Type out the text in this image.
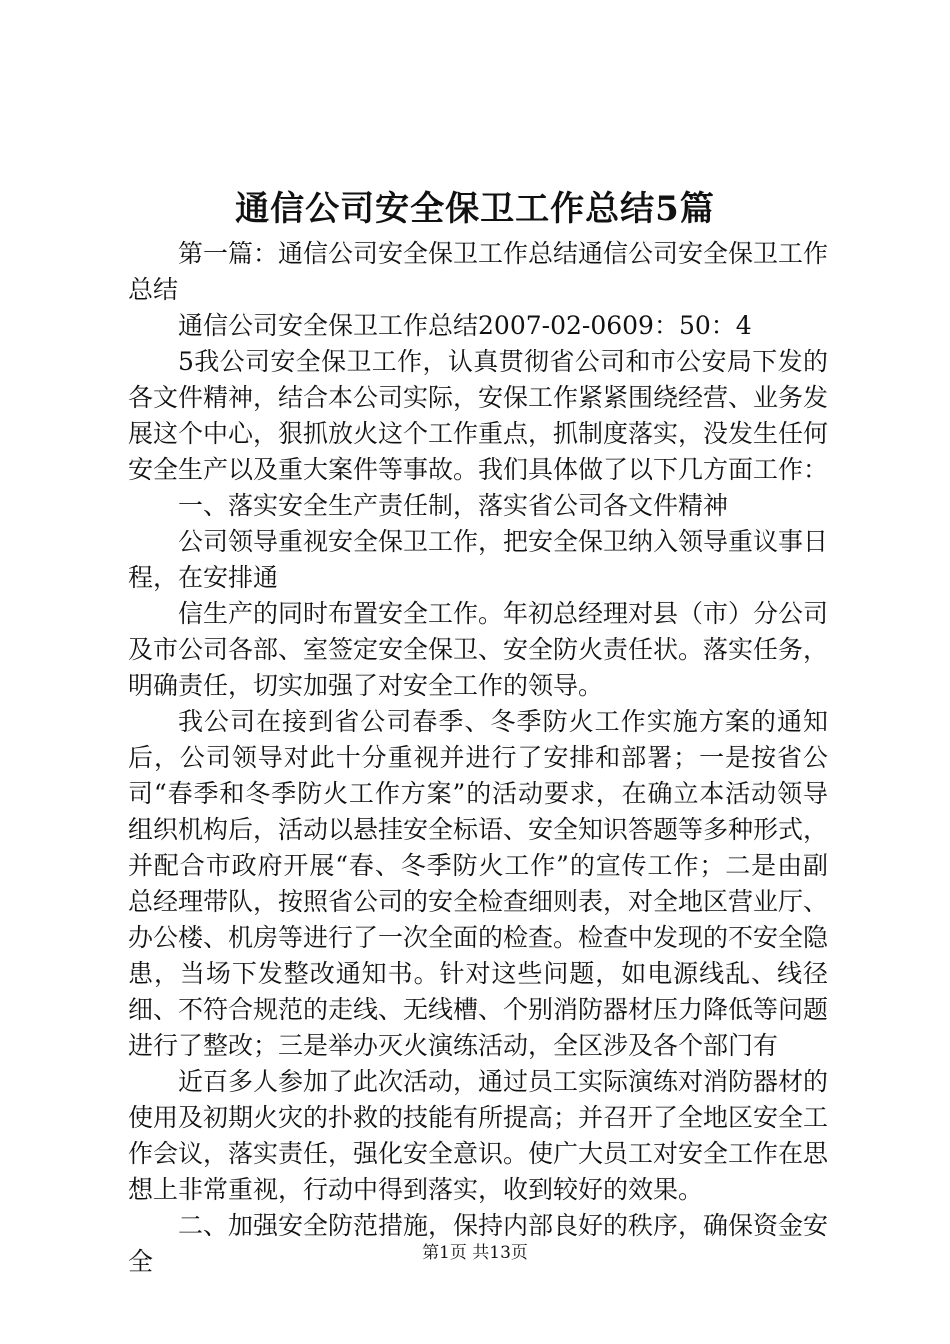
通信公司安全保卫工作总结5篇

第一篇：通信公司安全保卫工作总结通信公司安全保卫工作总结

通信公司安全保卫工作总结2007-02-0609：50：4

5我公司安全保卫工作，认真贯彻省公司和市公安局下发的各文件精神，结合本公司实际，安保工作紧紧围绕经营、业务发展这个中心，狠抓放火这个工作重点，抓制度落实，没发生任何安全生产以及重大案件等事故。我们具体做了以下几方面工作：

一、落实安全生产责任制，落实省公司各文件精神

公司领导重视安全保卫工作，把安全保卫纳入领导重议事日程，在安排通

信生产的同时布置安全工作。年初总经理对县（市）分公司及市公司各部、室签定安全保卫、安全防火责任状。落实任务，明确责任，切实加强了对安全工作的领导。

我公司在接到省公司春季、冬季防火工作实施方案的通知后，公司领导对此十分重视并进行了安排和部署；一是按省公司“春季和冬季防火工作方案”的活动要求，在确立本活动领导组织机构后，活动以悬挂安全标语、安全知识答题等多种形式，并配合市政府开展“春、冬季防火工作”的宣传工作；二是由副总经理带队，按照省公司的安全检查细则表，对全地区营业厅、办公楼、机房等进行了一次全面的检查。检查中发现的不安全隐患，当场下发整改通知书。针对这些问题，如电源线乱、线径细、不符合规范的走线、无线槽、个别消防器材压力降低等问题进行了整改；三是举办灭火演练活动，全区涉及各个部门有

近百多人参加了此次活动，通过员工实际演练对消防器材的使用及初期火灾的扑救的技能有所提高；并召开了全地区安全工作会议，落实责任，强化安全意识。使广大员工对安全工作在思想上非常重视，行动中得到落实，收到较好的效果。

二、加强安全防范措施，保持内部良好的秩序，确保资金安全	第1页 共13页
